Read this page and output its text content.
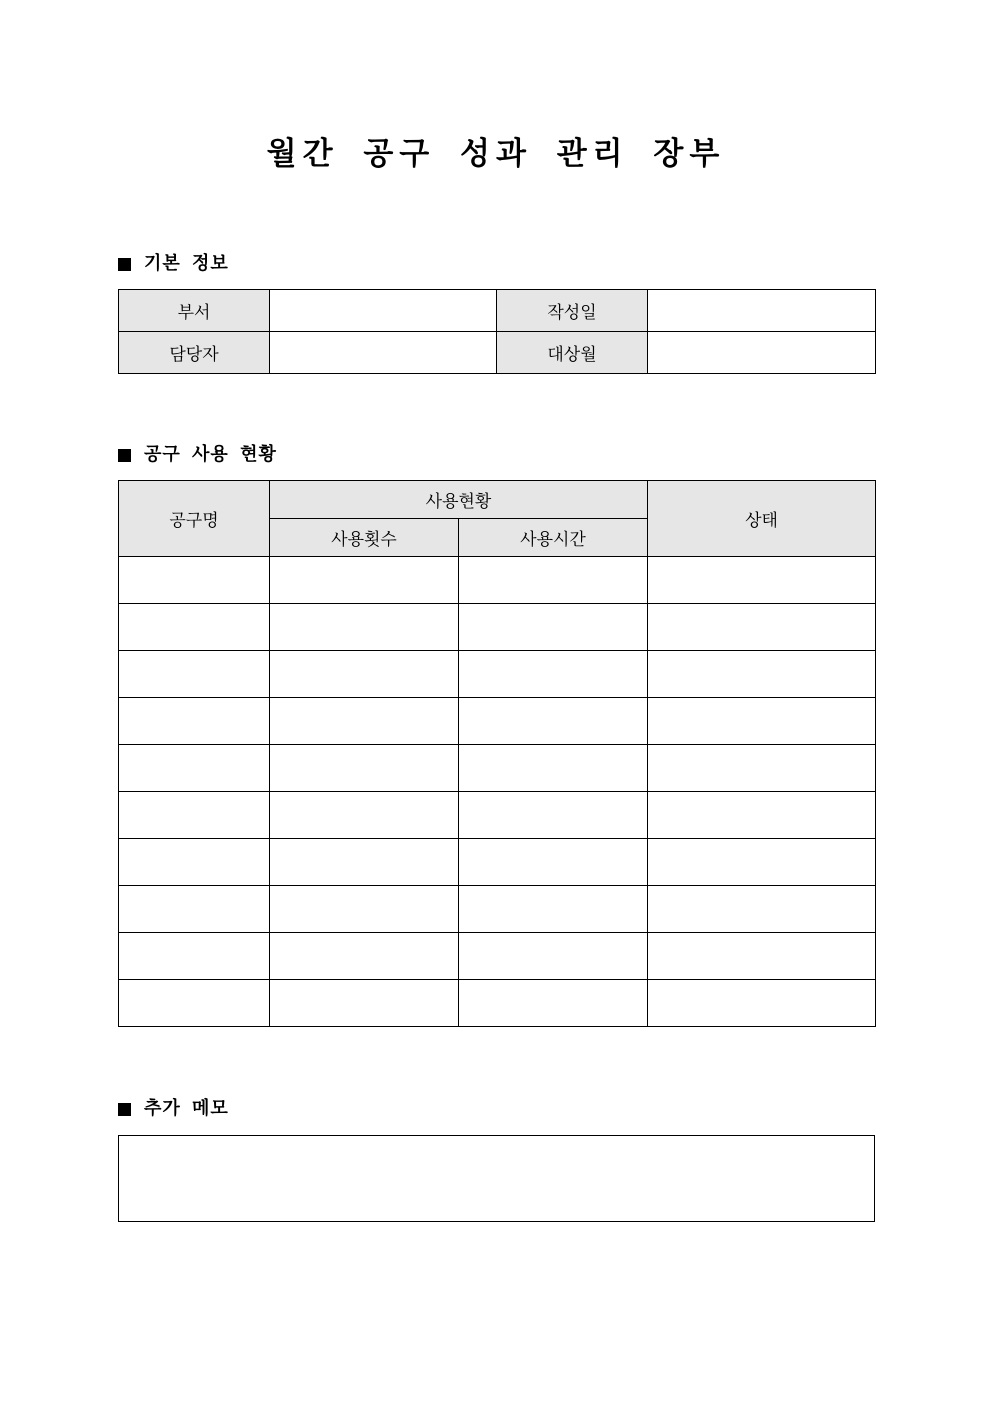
월간 공구 성과 관리 장부
기본 정보
부서		작성일	
담당자		대상월	
공구 사용 현황
공구명	사용현황		상태
	사용횟수	사용시간	

추가 메모
